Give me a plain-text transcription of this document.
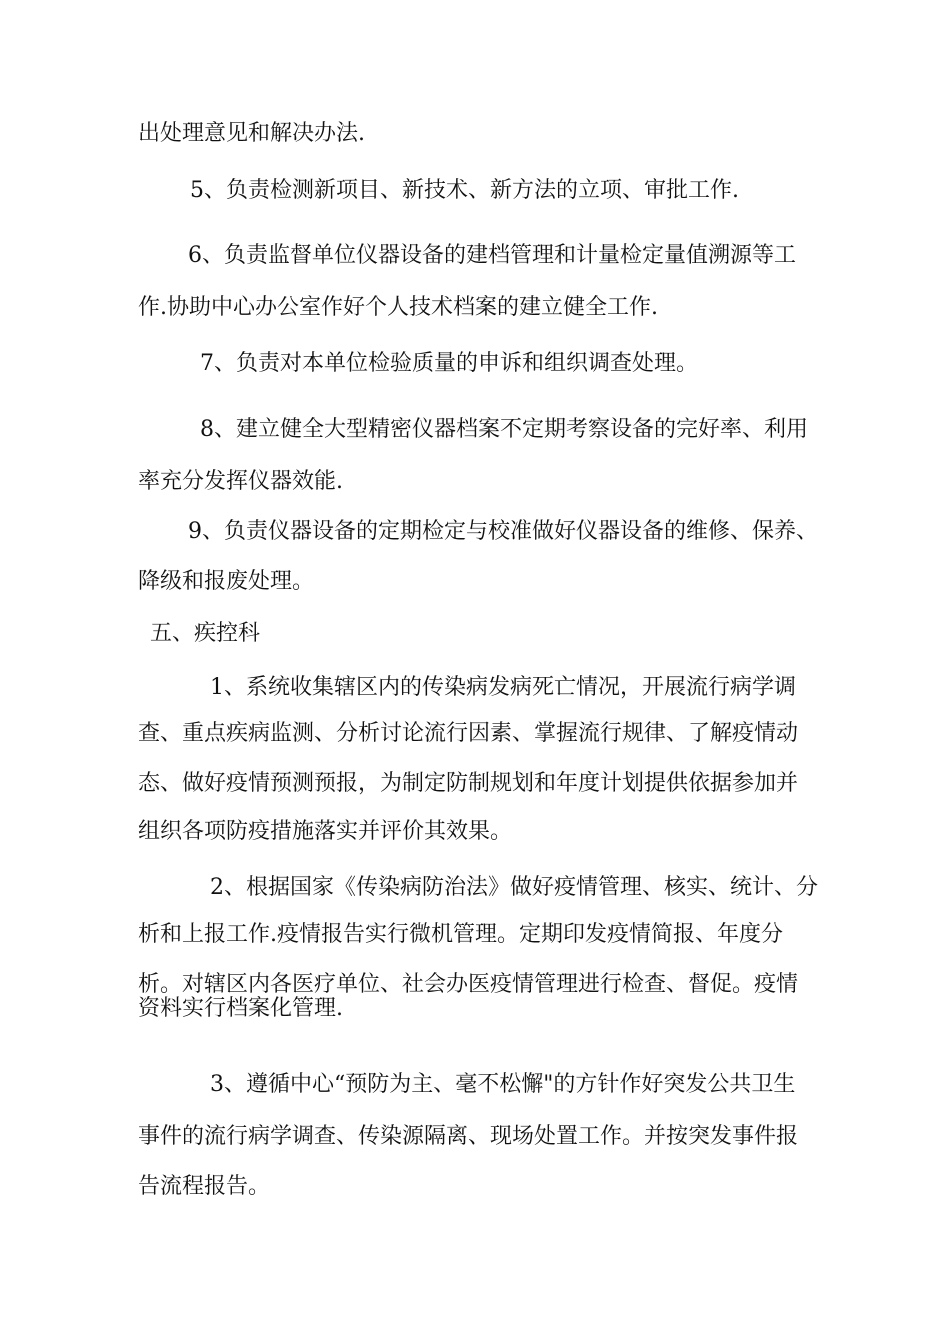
出处理意见和解决办法.

5、负责检测新项目、新技术、新方法的立项、审批工作.

6、负责监督单位仪器设备的建档管理和计量检定量值溯源等工

作.协助中心办公室作好个人技术档案的建立健全工作.

7、负责对本单位检验质量的申诉和组织调查处理。

8、建立健全大型精密仪器档案不定期考察设备的完好率、利用

率充分发挥仪器效能.

9、负责仪器设备的定期检定与校准做好仪器设备的维修、保养、

降级和报废处理。

五、疾控科

1、系统收集辖区内的传染病发病死亡情况，开展流行病学调

查、重点疾病监测、分析讨论流行因素、掌握流行规律、了解疫情动

态、做好疫情预测预报，为制定防制规划和年度计划提供依据参加并

组织各项防疫措施落实并评价其效果。

2、根据国家《传染病防治法》做好疫情管理、核实、统计、分

析和上报工作.疫情报告实行微机管理。定期印发疫情简报、年度分

析。对辖区内各医疗单位、社会办医疫情管理进行检查、督促。疫情

资料实行档案化管理.

3、遵循中心“预防为主、毫不松懈"的方针作好突发公共卫生

事件的流行病学调查、传染源隔离、现场处置工作。并按突发事件报

告流程报告。
